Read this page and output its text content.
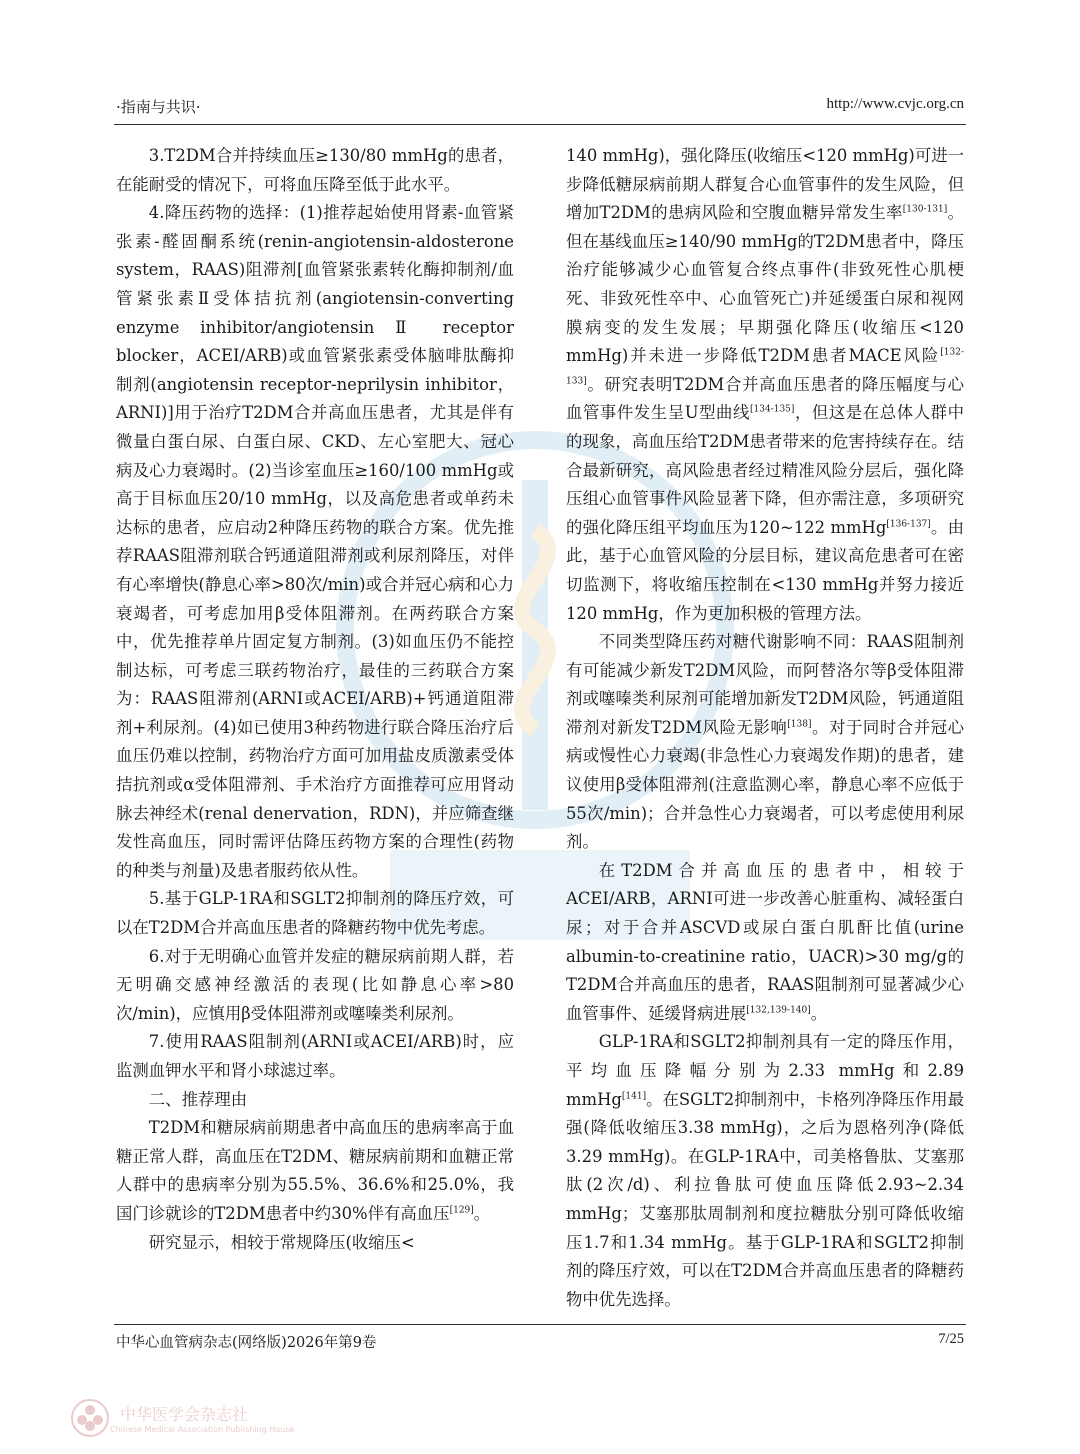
·指南与共识·	http://www.cvjc.org.cn

3.T2DM合并持续血压≥130/80 mmHg的患者，在能耐受的情况下，可将血压降至低于此水平。

4.降压药物的选择：(1)推荐起始使用肾素-血管紧张素-醛固酮系统(renin-angiotensin-aldosterone system，RAAS)阻滞剂[血管紧张素转化酶抑制剂/血管紧张素Ⅱ受体拮抗剂(angiotensin-converting enzyme inhibitor/angiotensin Ⅱ receptor blocker，ACEI/ARB)或血管紧张素受体脑啡肽酶抑制剂(angiotensin receptor-neprilysin inhibitor，ARNI)]用于治疗T2DM合并高血压患者，尤其是伴有微量白蛋白尿、白蛋白尿、CKD、左心室肥大、冠心病及心力衰竭时。(2)当诊室血压≥160/100 mmHg或高于目标血压20/10 mmHg，以及高危患者或单药未达标的患者，应启动2种降压药物的联合方案。优先推荐RAAS阻滞剂联合钙通道阻滞剂或利尿剂降压，对伴有心率增快(静息心率>80次/min)或合并冠心病和心力衰竭者，可考虑加用β受体阻滞剂。在两药联合方案中，优先推荐单片固定复方制剂。(3)如血压仍不能控制达标，可考虑三联药物治疗，最佳的三药联合方案为：RAAS阻滞剂(ARNI或ACEI/ARB)+钙通道阻滞剂+利尿剂。(4)如已使用3种药物进行联合降压治疗后血压仍难以控制，药物治疗方面可加用盐皮质激素受体拮抗剂或α受体阻滞剂、手术治疗方面推荐可应用肾动脉去神经术(renal denervation，RDN)，并应筛查继发性高血压，同时需评估降压药物方案的合理性(药物的种类与剂量)及患者服药依从性。

5.基于GLP-1RA和SGLT2抑制剂的降压疗效，可以在T2DM合并高血压患者的降糖药物中优先考虑。

6.对于无明确心血管并发症的糖尿病前期人群，若无明确交感神经激活的表现(比如静息心率>80次/min)，应慎用β受体阻滞剂或噻嗪类利尿剂。

7.使用RAAS阻制剂(ARNI或ACEI/ARB)时，应监测血钾水平和肾小球滤过率。

二、推荐理由

T2DM和糖尿病前期患者中高血压的患病率高于血糖正常人群，高血压在T2DM、糖尿病前期和血糖正常人群中的患病率分别为55.5%、36.6%和25.0%，我国门诊就诊的T2DM患者中约30%伴有高血压[129]。

研究显示，相较于常规降压(收缩压<

140 mmHg)，强化降压(收缩压<120 mmHg)可进一步降低糖尿病前期人群复合心血管事件的发生风险，但增加T2DM的患病风险和空腹血糖异常发生率[130-131]。但在基线血压≥140/90 mmHg的T2DM患者中，降压治疗能够减少心血管复合终点事件(非致死性心肌梗死、非致死性卒中、心血管死亡)并延缓蛋白尿和视网膜病变的发生发展；早期强化降压(收缩压<120 mmHg)并未进一步降低T2DM患者MACE风险[132-133]。研究表明T2DM合并高血压患者的降压幅度与心血管事件发生呈U型曲线[134-135]，但这是在总体人群中的现象，高血压给T2DM患者带来的危害持续存在。结合最新研究，高风险患者经过精准风险分层后，强化降压组心血管事件风险显著下降，但亦需注意，多项研究的强化降压组平均血压为120~122 mmHg[136-137]。由此，基于心血管风险的分层目标，建议高危患者可在密切监测下，将收缩压控制在<130 mmHg并努力接近120 mmHg，作为更加积极的管理方法。

不同类型降压药对糖代谢影响不同：RAAS阻制剂有可能减少新发T2DM风险，而阿替洛尔等β受体阻滞剂或噻嗪类利尿剂可能增加新发T2DM风险，钙通道阻滞剂对新发T2DM风险无影响[138]。对于同时合并冠心病或慢性心力衰竭(非急性心力衰竭发作期)的患者，建议使用β受体阻滞剂(注意监测心率，静息心率不应低于55次/min)；合并急性心力衰竭者，可以考虑使用利尿剂。

在T2DM合并高血压的患者中，相较于ACEI/ARB，ARNI可进一步改善心脏重构、减轻蛋白尿；对于合并ASCVD或尿白蛋白肌酐比值(urine albumin-to-creatinine ratio，UACR)>30 mg/g的T2DM合并高血压的患者，RAAS阻制剂可显著减少心血管事件、延缓肾病进展[132,139-140]。

GLP-1RA和SGLT2抑制剂具有一定的降压作用，平均血压降幅分别为2.33 mmHg和2.89 mmHg[141]。在SGLT2抑制剂中，卡格列净降压作用最强(降低收缩压3.38 mmHg)，之后为恩格列净(降低3.29 mmHg)。在GLP-1RA中，司美格鲁肽、艾塞那肽(2次/d)、利拉鲁肽可使血压降低2.93~2.34 mmHg；艾塞那肽周制剂和度拉糖肽分别可降低收缩压1.7和1.34 mmHg。基于GLP-1RA和SGLT2抑制剂的降压疗效，可以在T2DM合并高血压患者的降糖药物中优先选择。

中华心血管病杂志(网络版)2026年第9卷	7/25
中华医学会杂志社
Chinese Medical Association Publishing House
